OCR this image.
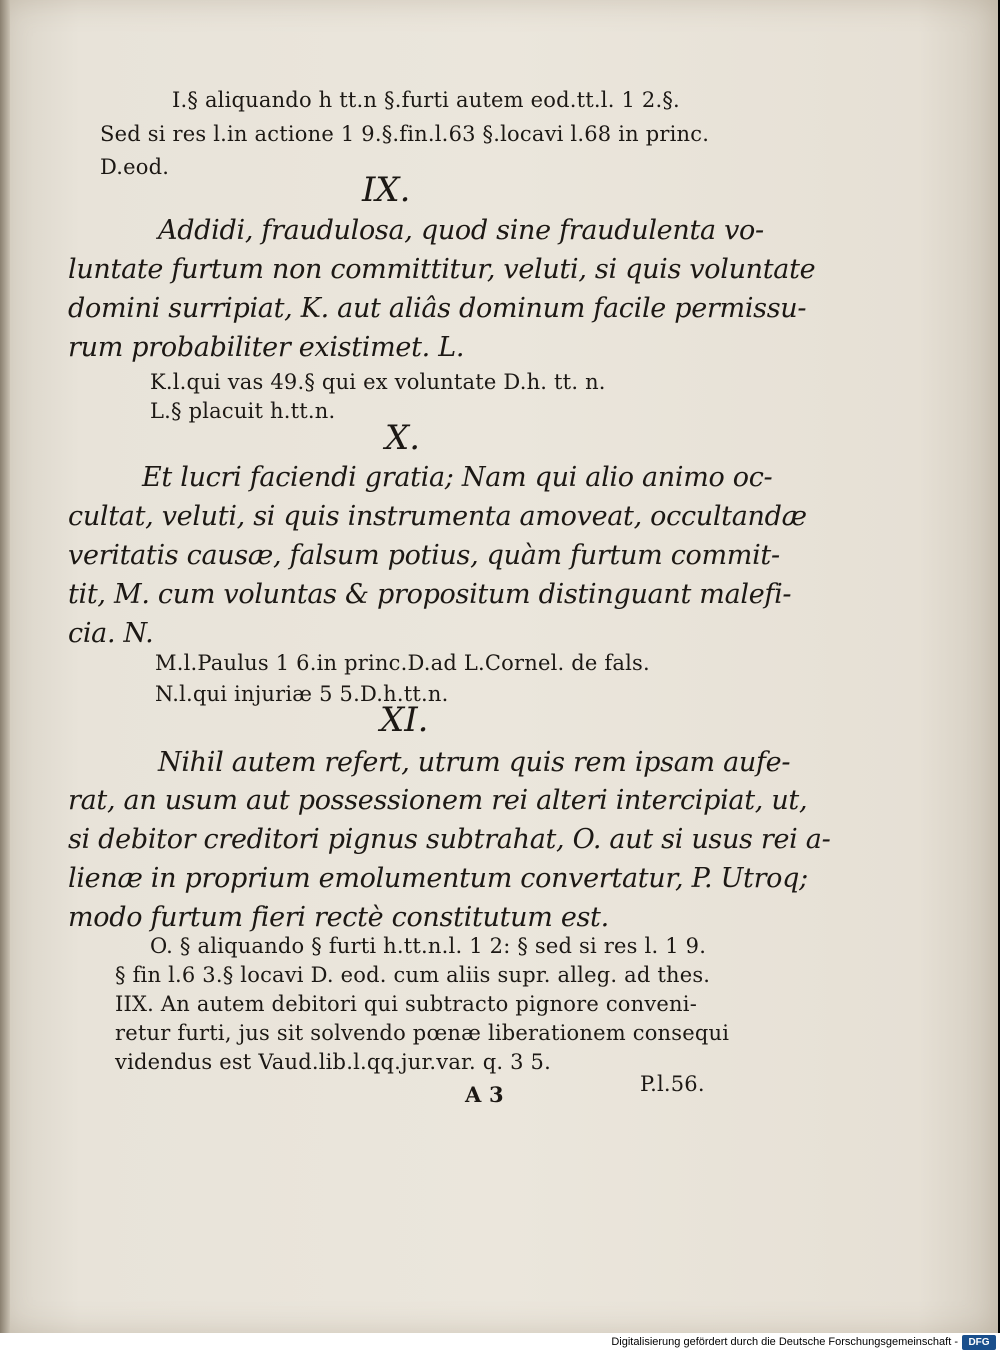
I.§ aliquando h tt.n §.furti autem eod.tt.l. 1 2.§.
Sed si res l.in actione 1 9.§.fin.l.63 §.locavi l.68 in princ.
D.eod.
IX.
Addidi, fraudulosa, quod sine fraudulenta vo-
luntate furtum non committitur, veluti, si quis voluntate
domini surripiat, K. aut aliâs dominum facile permissu-
rum probabiliter existimet. L.
K.l.qui vas 49.§ qui ex voluntate D.h. tt. n.
L.§ placuit h.tt.n.
X.
Et lucri faciendi gratia; Nam qui alio animo oc-
cultat, veluti, si quis instrumenta amoveat, occultandæ
veritatis causæ, falsum potius, quàm furtum commit-
tit, M. cum voluntas & propositum distinguant malefi-
cia. N.
M.l.Paulus 1 6.in princ.D.ad L.Cornel. de fals.
N.l.qui injuriæ 5 5.D.h.tt.n.
XI.
Nihil autem refert, utrum quis rem ipsam aufe-
rat, an usum aut possessionem rei alteri intercipiat, ut,
si debitor creditori pignus subtrahat, O. aut si usus rei a-
lienæ in proprium emolumentum convertatur, P. Utroq;
modo furtum fieri rectè constitutum est.
O. § aliquando § furti h.tt.n.l. 1 2: § sed si res l. 1 9.
§ fin l.6 3.§ locavi D. eod. cum aliis supr. alleg. ad thes.
IIX. An autem debitori qui subtracto pignore conveni-
retur furti, jus sit solvendo pœnæ liberationem consequi
videndus est Vaud.lib.l.qq.jur.var. q. 3 5.
A 3	P.l.56.
Digitalisierung gefördert durch die Deutsche Forschungsgemeinschaft -	DFG
